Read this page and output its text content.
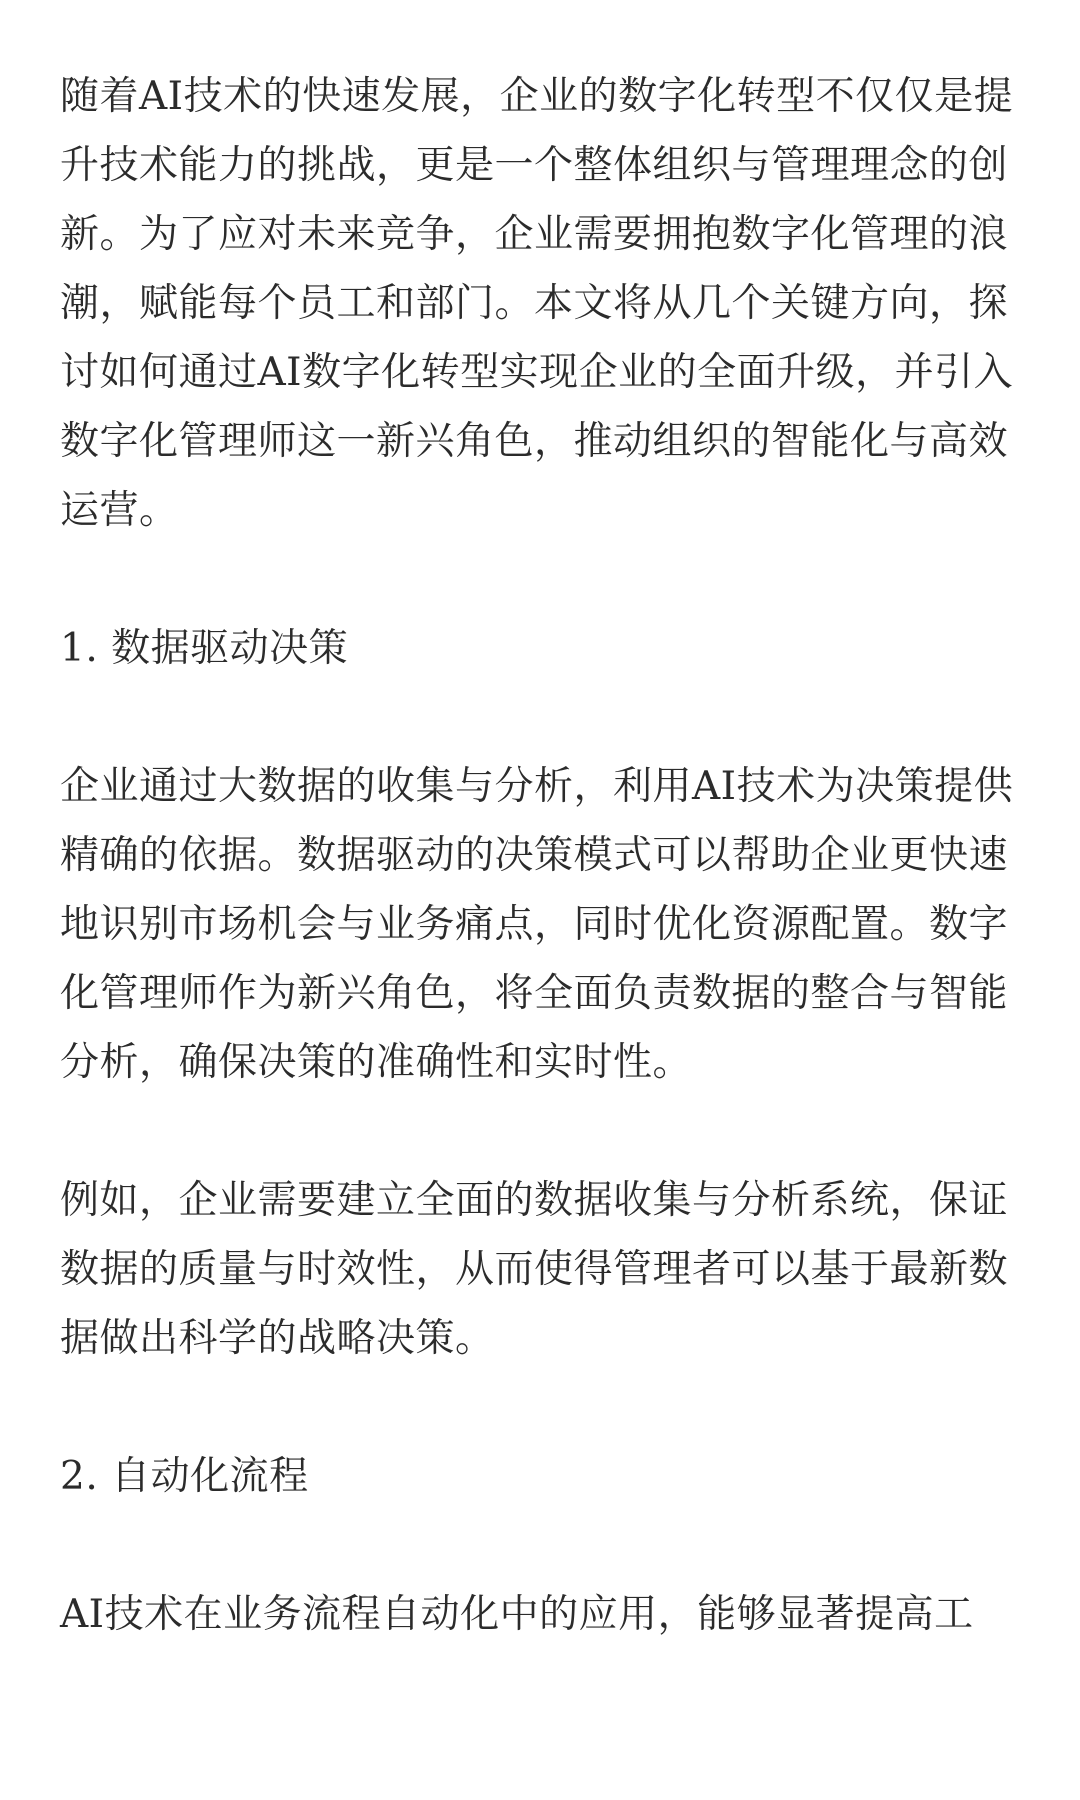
随着AI技术的快速发展，企业的数字化转型不仅仅是提升技术能力的挑战，更是一个整体组织与管理理念的创新。为了应对未来竞争，企业需要拥抱数字化管理的浪潮，赋能每个员工和部门。本文将从几个关键方向，探讨如何通过AI数字化转型实现企业的全面升级，并引入数字化管理师这一新兴角色，推动组织的智能化与高效运营。

1. 数据驱动决策

企业通过大数据的收集与分析，利用AI技术为决策提供精确的依据。数据驱动的决策模式可以帮助企业更快速地识别市场机会与业务痛点，同时优化资源配置。数字化管理师作为新兴角色，将全面负责数据的整合与智能分析，确保决策的准确性和实时性。

例如，企业需要建立全面的数据收集与分析系统，保证数据的质量与时效性，从而使得管理者可以基于最新数据做出科学的战略决策。

2. 自动化流程

AI技术在业务流程自动化中的应用，能够显著提高工
